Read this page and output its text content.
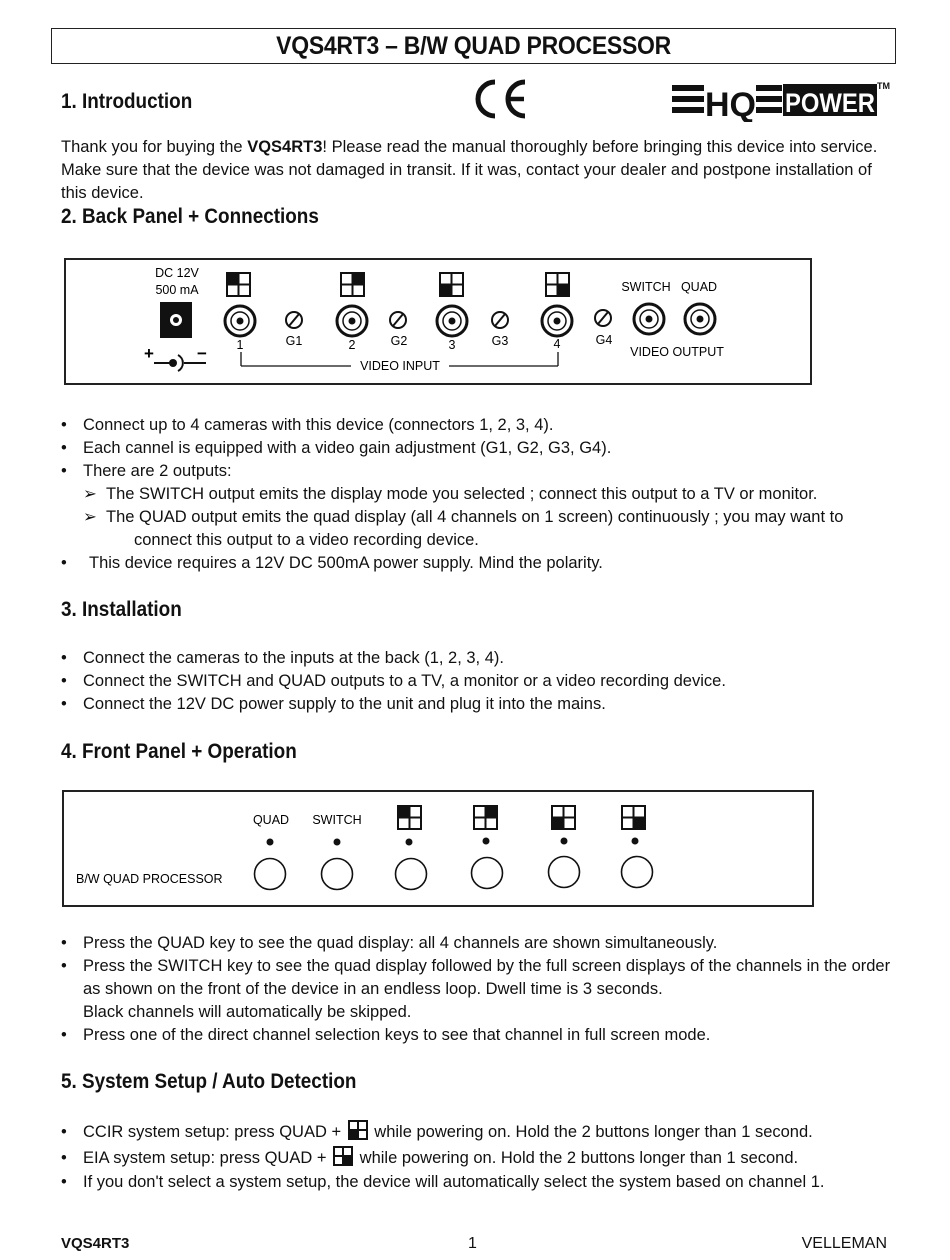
VQS4RT3 – B/W QUAD PROCESSOR
1. Introduction	HQ POWER
TM

Thank you for buying the VQS4RT3! Please read the manual thoroughly before bringing this device into service. Make sure that the device was not damaged in transit. If it was, contact your dealer and postpone installation of this device.

2. Back Panel + Connections
DC 12V
500 mA
+	− 1	G1	2	G2	3	G3	4	G4
SWITCH QUAD
VIDEO OUTPUT
VIDEO INPUT
• Connect up to 4 cameras with this device (connectors 1, 2, 3, 4).
• Each cannel is equipped with a video gain adjustment (G1, G2, G3, G4).
• There are 2 outputs:
➢ The SWITCH output emits the display mode you selected ; connect this output to a TV or monitor.
➢ The QUAD output emits the quad display (all 4 channels on 1 screen) continuously ; you may want to connect this output to a video recording device.
• This device requires a 12V DC 500mA power supply. Mind the polarity.
3. Installation
• Connect the cameras to the inputs at the back (1, 2, 3, 4).
• Connect the SWITCH and QUAD outputs to a TV, a monitor or a video recording device.
• Connect the 12V DC power supply to the unit and plug it into the mains.
4. Front Panel + Operation
B/W QUAD PROCESSOR
QUAD SWITCH
• Press the QUAD key to see the quad display: all 4 channels are shown simultaneously.
• Press the SWITCH key to see the quad display followed by the full screen displays of the channels in the order as shown on the front of the device in an endless loop. Dwell time is 3 seconds.
Black channels will automatically be skipped.
• Press one of the direct channel selection keys to see that channel in full screen mode.
5. System Setup / Auto Detection
• CCIR system setup: press QUAD +  while powering on. Hold the 2 buttons longer than 1 second.
• EIA system setup: press QUAD +  while powering on. Hold the 2 buttons longer than 1 second.
• If you don't select a system setup, the device will automatically select the system based on channel 1.
VQS4RT3	1	VELLEMAN
